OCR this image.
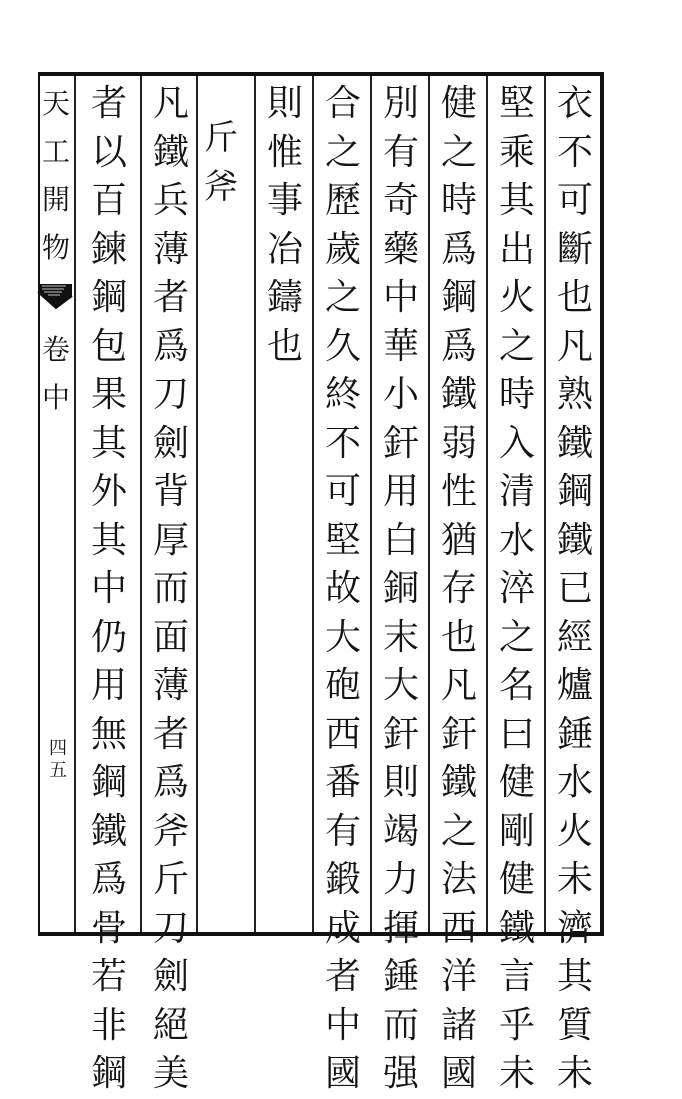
衣
不
可
斷
也
凡
熟
鐵
鋼
鐵
已
經
爐
錘
水
火
未
濟
其
質
未
堅
乘
其
出
火
之
時
入
清
水
淬
之
名
曰
健
剛
健
鐵
言
乎
未
健
之
時
爲
鋼
爲
鐵
弱
性
猶
存
也
凡
釬
鐵
之
法
西
洋
諸
國
別
有
奇
藥
中
華
小
釬
用
白
銅
末
大
釬
則
竭
力
揮
錘
而
强
合
之
歷
歲
之
久
終
不
可
堅
故
大
砲
西
番
有
鍛
成
者
中
國
則
惟
事
冶
鑄
也
斤
斧
凡
鐵
兵
薄
者
爲
刀
劍
背
厚
而
面
薄
者
爲
斧
斤
刀
劍
絕
美
者
以
百
鍊
鋼
包
果
其
外
其
中
仍
用
無
鋼
鐵
爲
骨
若
非
鋼
天
工
開
物
卷
中
四
五
